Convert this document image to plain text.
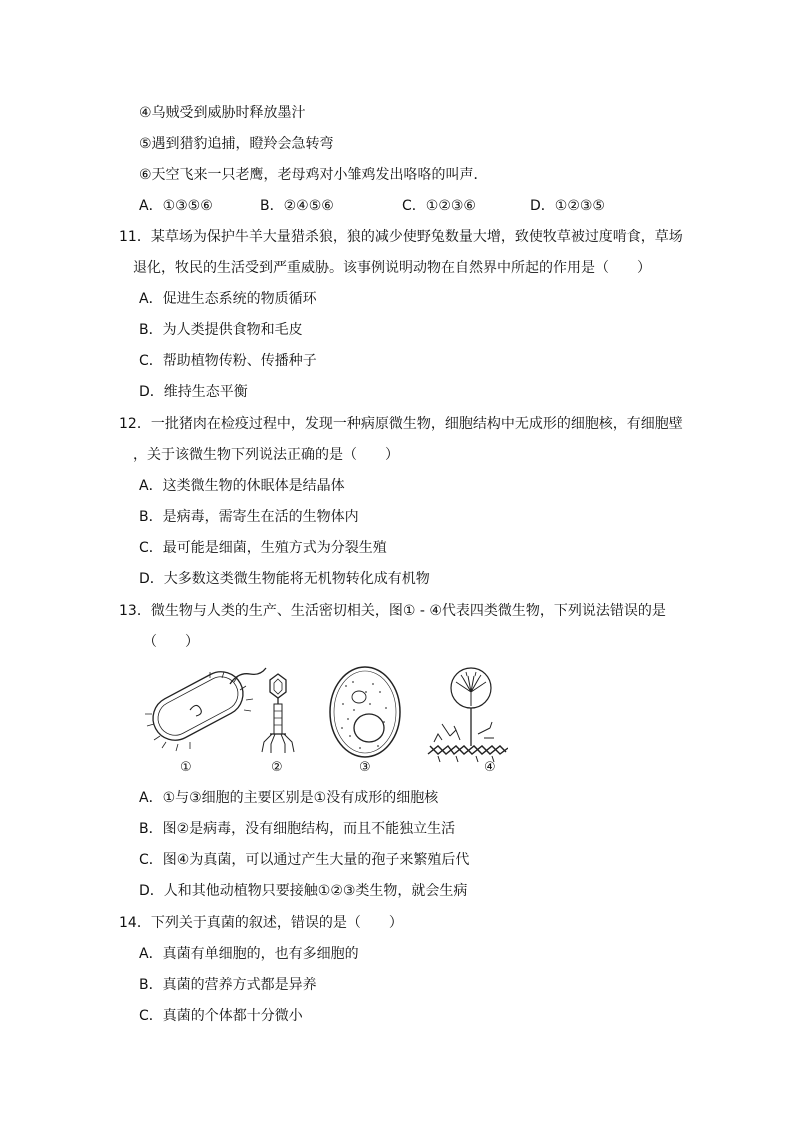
④乌贼受到威胁时释放墨汁
⑤遇到猎豹追捕，瞪羚会急转弯
⑥天空飞来一只老鹰，老母鸡对小雏鸡发出咯咯的叫声．
A．①③⑤⑥	B．②④⑤⑥	C．①②③⑥	D．①②③⑤
11．某草场为保护牛羊大量猎杀狼，狼的减少使野兔数量大增，致使牧草被过度啃食，草场
退化，牧民的生活受到严重威胁。该事例说明动物在自然界中所起的作用是（　　）
A．促进生态系统的物质循环
B．为人类提供食物和毛皮
C．帮助植物传粉、传播种子
D．维持生态平衡
12．一批猪肉在检疫过程中，发现一种病原微生物，细胞结构中无成形的细胞核，有细胞壁
，关于该微生物下列说法正确的是（　　）
A．这类微生物的休眠体是结晶体
B．是病毒，需寄生在活的生物体内
C．最可能是细菌，生殖方式为分裂生殖
D．大多数这类微生物能将无机物转化成有机物
13．微生物与人类的生产、生活密切相关，图① - ④代表四类微生物，下列说法错误的是
（　　）
①	②	③	④
A．①与③细胞的主要区别是①没有成形的细胞核
B．图②是病毒，没有细胞结构，而且不能独立生活
C．图④为真菌，可以通过产生大量的孢子来繁殖后代
D．人和其他动植物只要接触①②③类生物，就会生病
14．下列关于真菌的叙述，错误的是（　　）
A．真菌有单细胞的，也有多细胞的
B．真菌的营养方式都是异养
C．真菌的个体都十分微小
